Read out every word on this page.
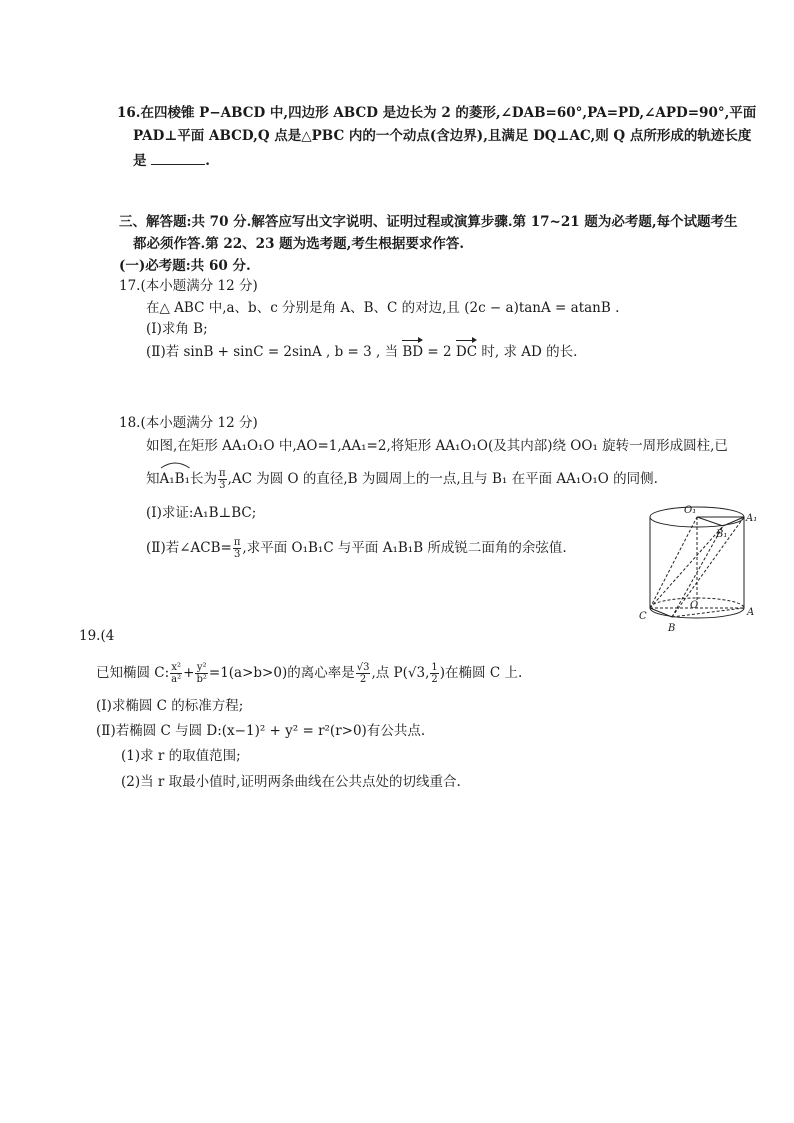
16.在四棱锥 P−ABCD 中,四边形 ABCD 是边长为 2 的菱形,∠DAB=60°,PA=PD,∠APD=90°,平面
PAD⊥平面 ABCD,Q 点是△PBC 内的一个动点(含边界),且满足 DQ⊥AC,则 Q 点所形成的轨迹长度
是	.
三、解答题:共 70 分.解答应写出文字说明、证明过程或演算步骤.第 17~21 题为必考题,每个试题考生
都必须作答.第 22、23 题为选考题,考生根据要求作答.
(一)必考题:共 60 分.
17.(本小题满分 12 分)
在△ ABC 中,a、b、c 分别是角 A、B、C 的对边,且 (2c − a)tanA = atanB .
(Ⅰ)求角 B;
(Ⅱ)若 sinB + sinC = 2sinA , b = 3 , 当 BD = 2 DC 时, 求 AD 的长.
18.(本小题满分 12 分)
如图,在矩形 AA₁O₁O 中,AO=1,AA₁=2,将矩形 AA₁O₁O(及其内部)绕 OO₁ 旋转一周形成圆柱,已
知
A₁B₁长为 $\frac{\pi}{3} ,AC$ 为圆 O 的直径,B 为圆周上的一点,且与 B₁ 在平面 AA₁O₁O 的同侧.
(Ⅰ)求证:A₁B⊥BC;
(Ⅱ)若∠ACB= $\frac{\pi}{3}$ ,求平面 O₁B₁C 与平面 A₁B₁B 所成锐二面角的余弦值.
O₁
A₁
B₁
C
O
A
B
19.(4
已知椭圆 C: $\frac{\text{x²}}{\text{a²}} + \frac{\text{y²}}{\text{b²}} =1(a>b>0)$的离心率是 $\frac{√3}{2}$ ,点 P(√3, $\frac{1}{2}$ )在椭圆 C 上.
(Ⅰ)求椭圆 C 的标准方程;
(Ⅱ)若椭圆 C 与圆 D:(x−1)² + y² = r²(r>0)有公共点.
(1)求 r 的取值范围;
(2)当 r 取最小值时,证明两条曲线在公共点处的切线重合.
